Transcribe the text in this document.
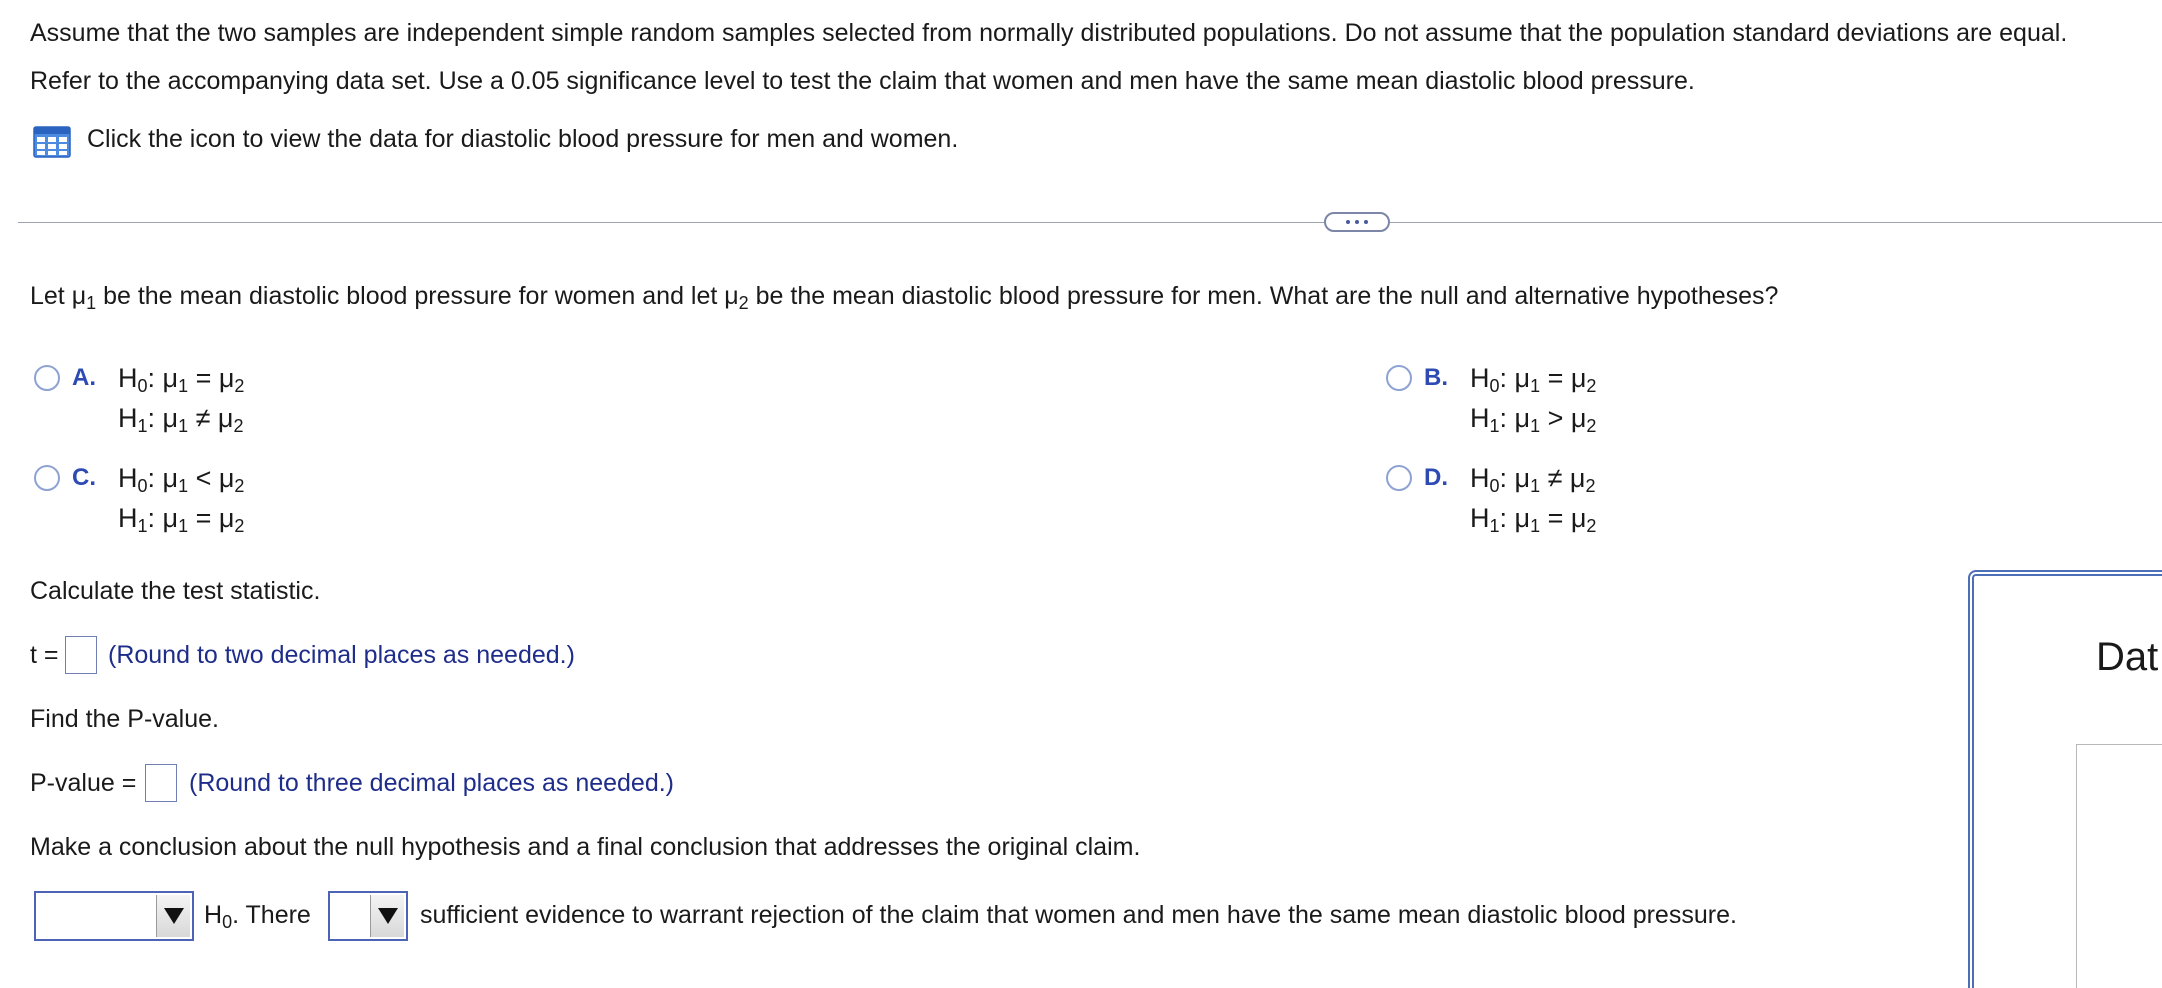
Assume that the two samples are independent simple random samples selected from normally distributed populations. Do not assume that the population standard deviations are equal.
Refer to the accompanying data set. Use a 0.05 significance level to test the claim that women and men have the same mean diastolic blood pressure.
Click the icon to view the data for diastolic blood pressure for men and women.
Let $\mu_1$ be the mean diastolic blood pressure for women and let $\mu_2$ be the mean diastolic blood pressure for men. What are the null and alternative hypotheses?
A. $H_0$: $\mu_1 = \mu_2$
$H_1$: $\mu_1 \ne \mu_2$
B. $H_0$: $\mu_1 = \mu_2$
$H_1$: $\mu_1 > \mu_2$
C. $H_0$: $\mu_1 < \mu_2$
$H_1$: $\mu_1 = \mu_2$
D. $H_0$: $\mu_1 \ne \mu_2$
$H_1$: $\mu_1 = \mu_2$
Calculate the test statistic.
t = (Round to two decimal places as needed.)
Find the P-value.
P-value = (Round to three decimal places as needed.)
Make a conclusion about the null hypothesis and a final conclusion that addresses the original claim.
$H_0$. There	sufficient evidence to warrant rejection of the claim that women and men have the same mean diastolic blood pressure.
Dat
